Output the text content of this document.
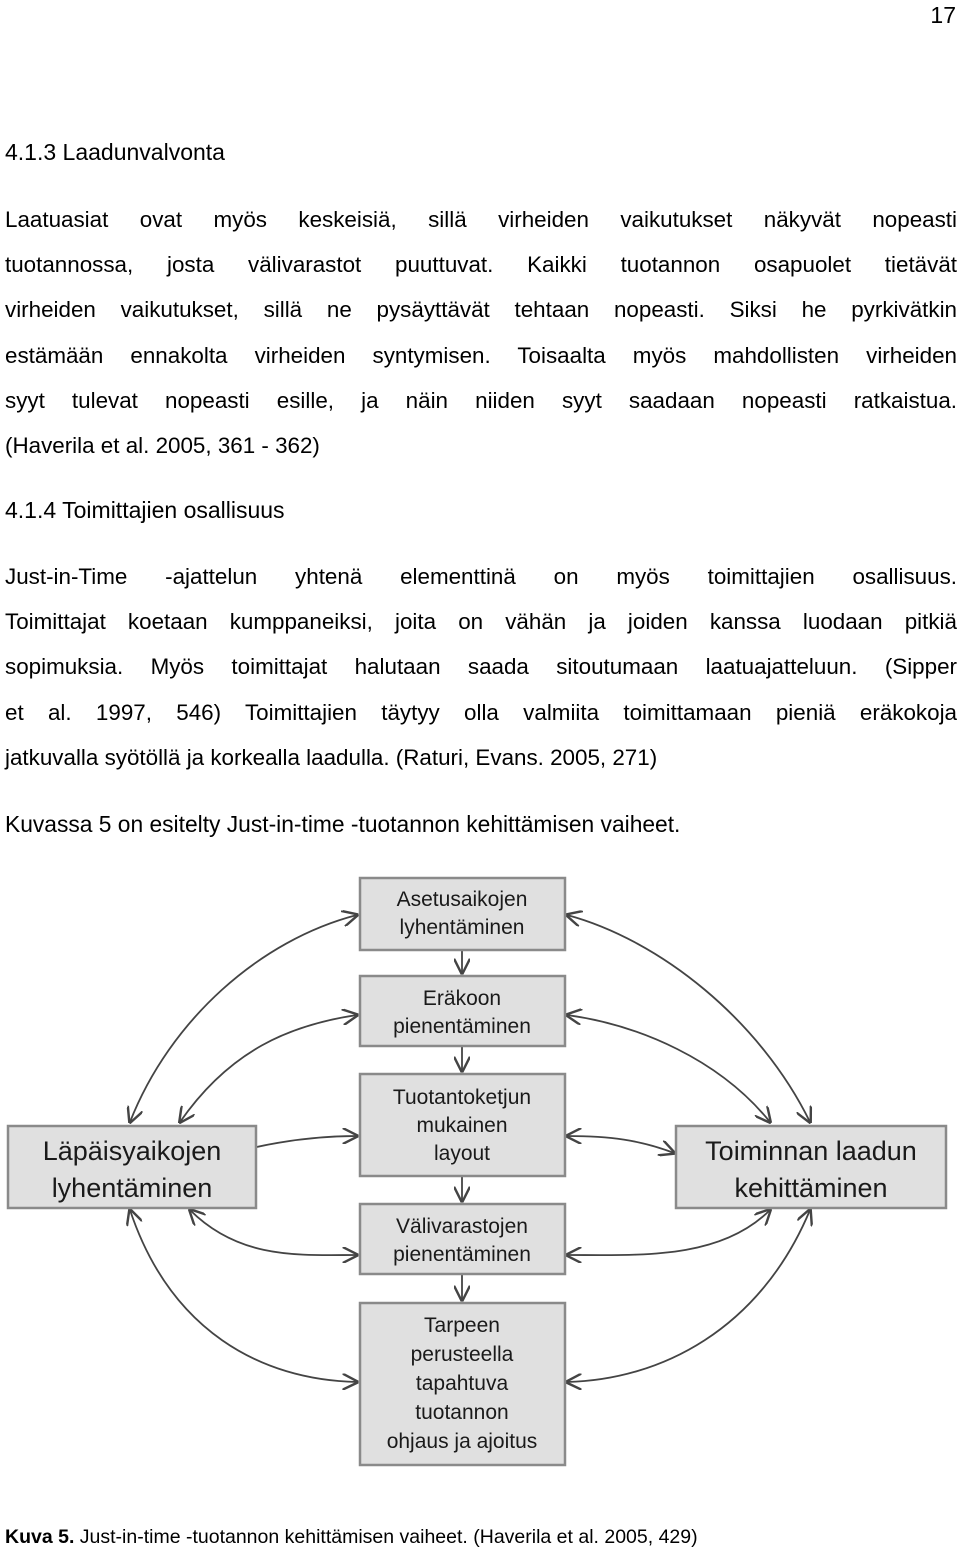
17
4.1.3 Laadunvalvonta
Laatuasiat ovat myös keskeisiä, sillä virheiden vaikutukset näkyvät nopeasti
tuotannossa, josta välivarastot puuttuvat. Kaikki tuotannon osapuolet tietävät
virheiden vaikutukset, sillä ne pysäyttävät tehtaan nopeasti. Siksi he pyrkivätkin
estämään ennakolta virheiden syntymisen. Toisaalta myös mahdollisten virheiden
syyt tulevat nopeasti esille, ja näin niiden syyt saadaan nopeasti ratkaistua.
(Haverila et al. 2005, 361 - 362)
4.1.4 Toimittajien osallisuus
Just-in-Time -ajattelun yhtenä elementtinä on myös toimittajien osallisuus.
Toimittajat koetaan kumppaneiksi, joita on vähän ja joiden kanssa luodaan pitkiä
sopimuksia. Myös toimittajat halutaan saada sitoutumaan laatuajatteluun. (Sipper
et al. 1997, 546) Toimittajien täytyy olla valmiita toimittamaan pieniä eräkokoja
jatkuvalla syötöllä ja korkealla laadulla. (Raturi, Evans. 2005, 271)
Kuvassa 5 on esitelty Just-in-time -tuotannon kehittämisen vaiheet.
Asetusaikojen
lyhentäminen
Eräkoon
pienentäminen
Tuotantoketjun
mukainen
layout
Välivarastojen
pienentäminen
Tarpeen
perusteella
tapahtuva
tuotannon
ohjaus ja ajoitus
Läpäisyaikojen
lyhentäminen
Toiminnan laadun
kehittäminen
Kuva 5. Just-in-time -tuotannon kehittämisen vaiheet. (Haverila et al. 2005, 429)
